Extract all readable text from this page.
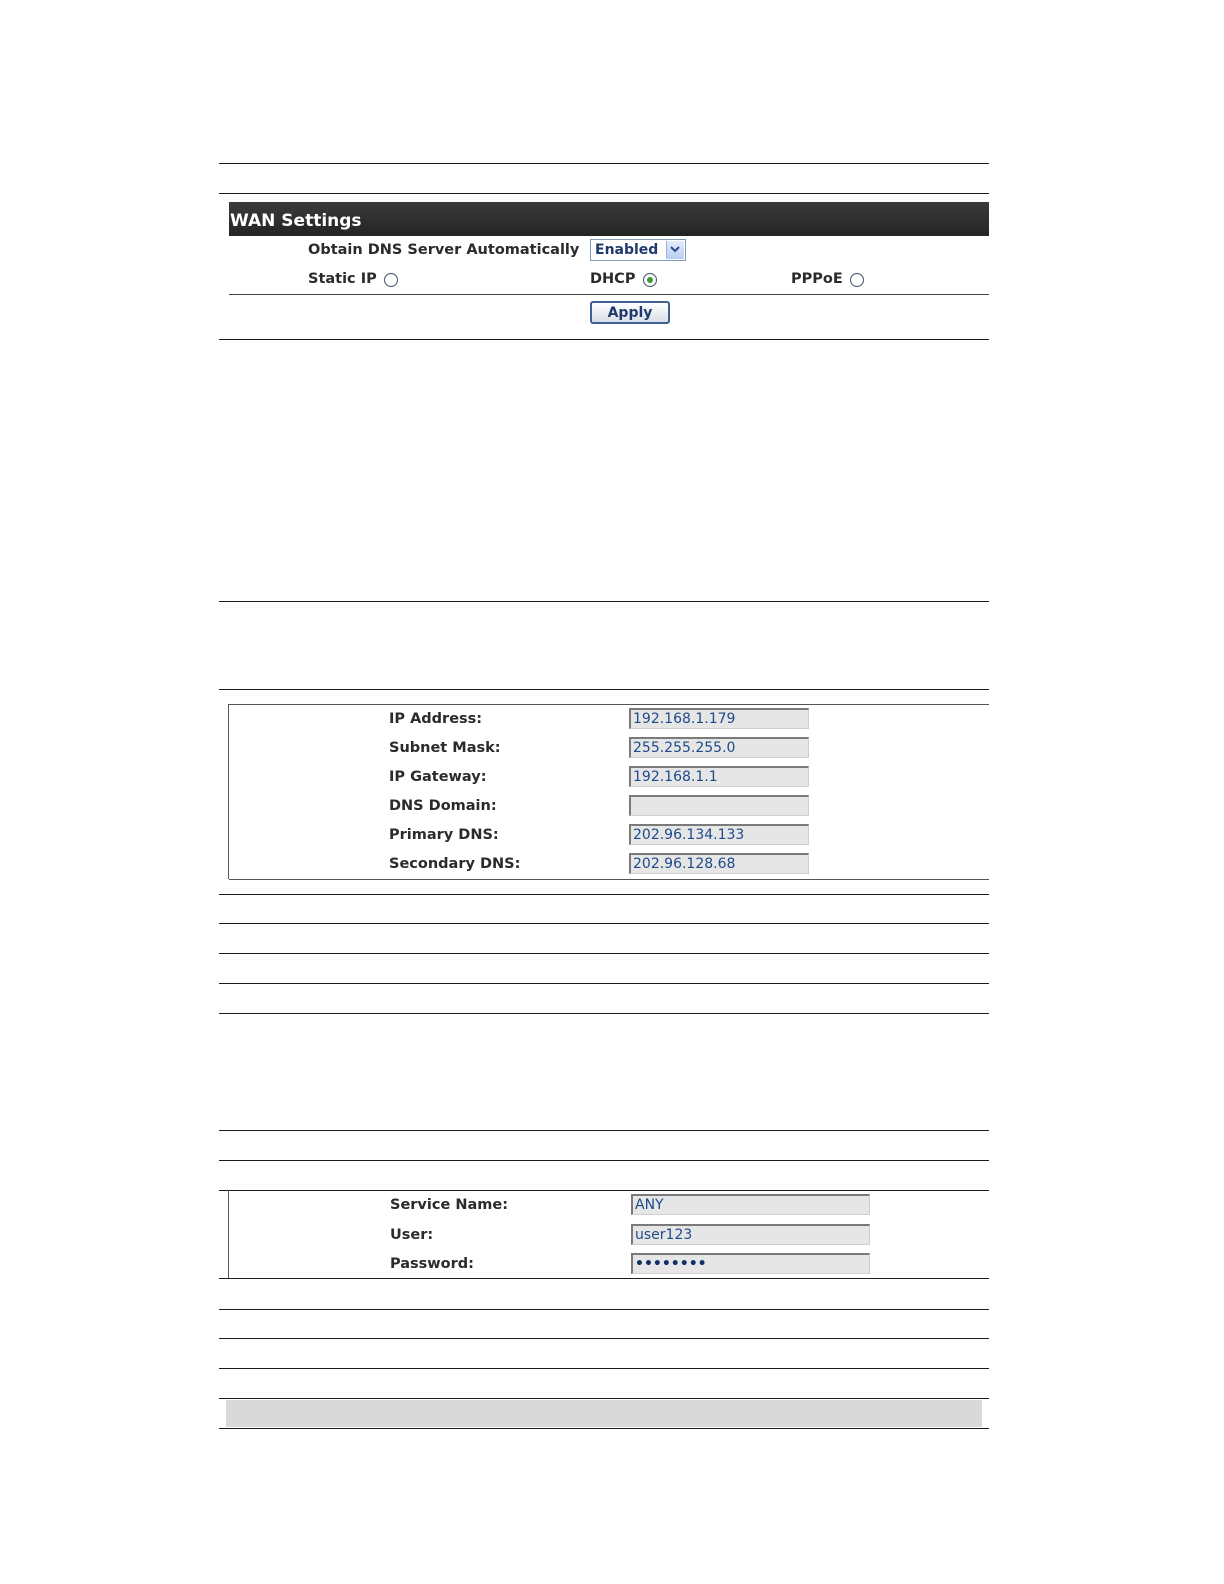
WAN Settings
Obtain DNS Server Automatically Enabled
Static IP	DHCP	PPPoE
Apply
IP Address:
192.168.1.179
Subnet Mask:
255.255.255.0
IP Gateway:
192.168.1.1
DNS Domain:
Primary DNS:
202.96.134.133
Secondary DNS:
202.96.128.68
Service Name:
ANY
User:
user123
Password:
••••••••
